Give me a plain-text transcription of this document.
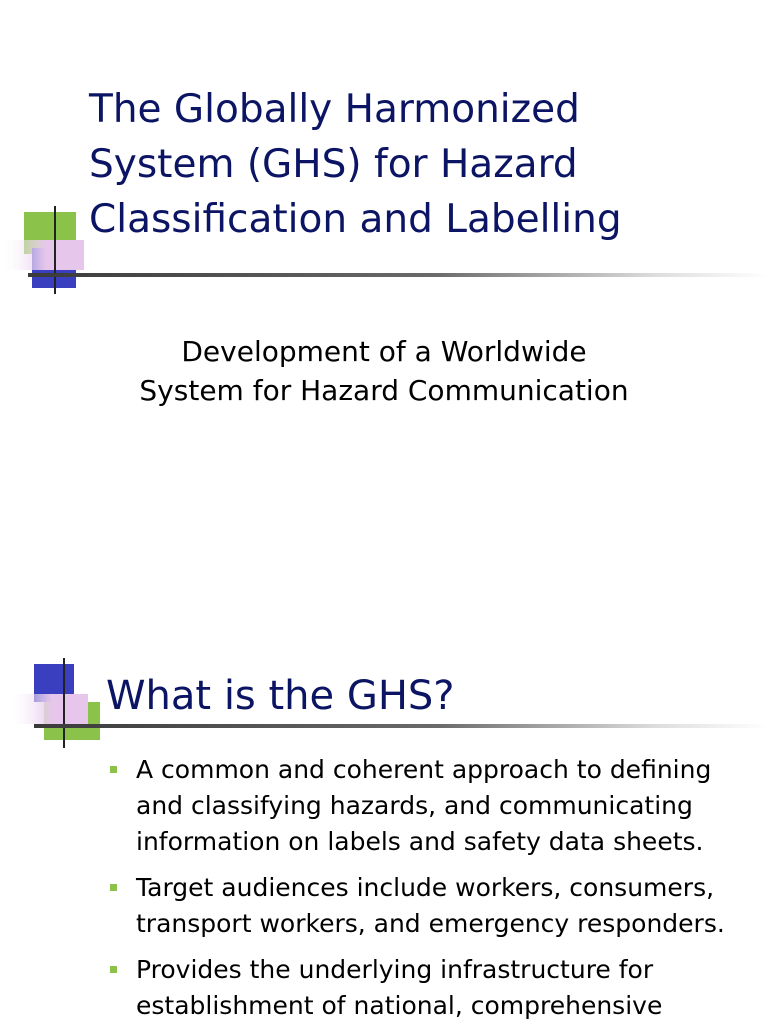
The Globally Harmonized
System (GHS) for Hazard
Classification and Labelling

Development of a Worldwide
System for Hazard Communication

What is the GHS?
A common and coherent approach to defining and classifying hazards, and communicating information on labels and safety data sheets.
Target audiences include workers, consumers, transport workers, and emergency responders.
Provides the underlying infrastructure for establishment of national, comprehensive
